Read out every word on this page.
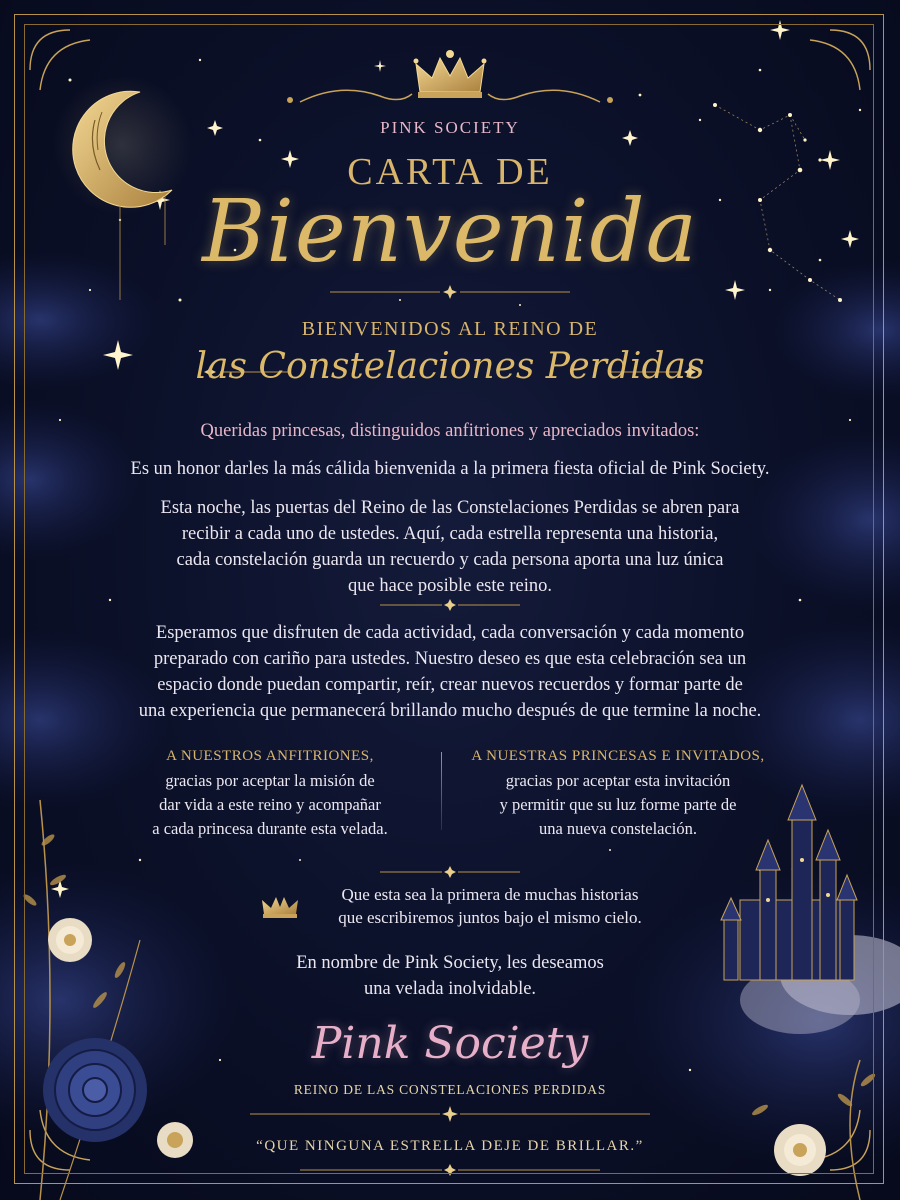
PINK SOCIETY
CARTA DE
Bienvenida
BIENVENIDOS AL REINO DE
las Constelaciones Perdidas
Queridas princesas, distinguidos anfitriones y apreciados invitados:
Es un honor darles la más cálida bienvenida a la primera fiesta oficial de Pink Society.
Esta noche, las puertas del Reino de las Constelaciones Perdidas se abren para
recibir a cada uno de ustedes. Aquí, cada estrella representa una historia,
cada constelación guarda un recuerdo y cada persona aporta una luz única
que hace posible este reino.
Esperamos que disfruten de cada actividad, cada conversación y cada momento
preparado con cariño para ustedes. Nuestro deseo es que esta celebración sea un
espacio donde puedan compartir, reír, crear nuevos recuerdos y formar parte de
una experiencia que permanecerá brillando mucho después de que termine la noche.
A NUESTROS ANFITRIONES,
gracias por aceptar la misión de
dar vida a este reino y acompañar
a cada princesa durante esta velada.
A NUESTRAS PRINCESAS E INVITADOS,
gracias por aceptar esta invitación
y permitir que su luz forme parte de
una nueva constelación.
Que esta sea la primera de muchas historias
que escribiremos juntos bajo el mismo cielo.
En nombre de Pink Society, les deseamos
una velada inolvidable.
Pink Society
REINO DE LAS CONSTELACIONES PERDIDAS
“QUE NINGUNA ESTRELLA DEJE DE BRILLAR.”
